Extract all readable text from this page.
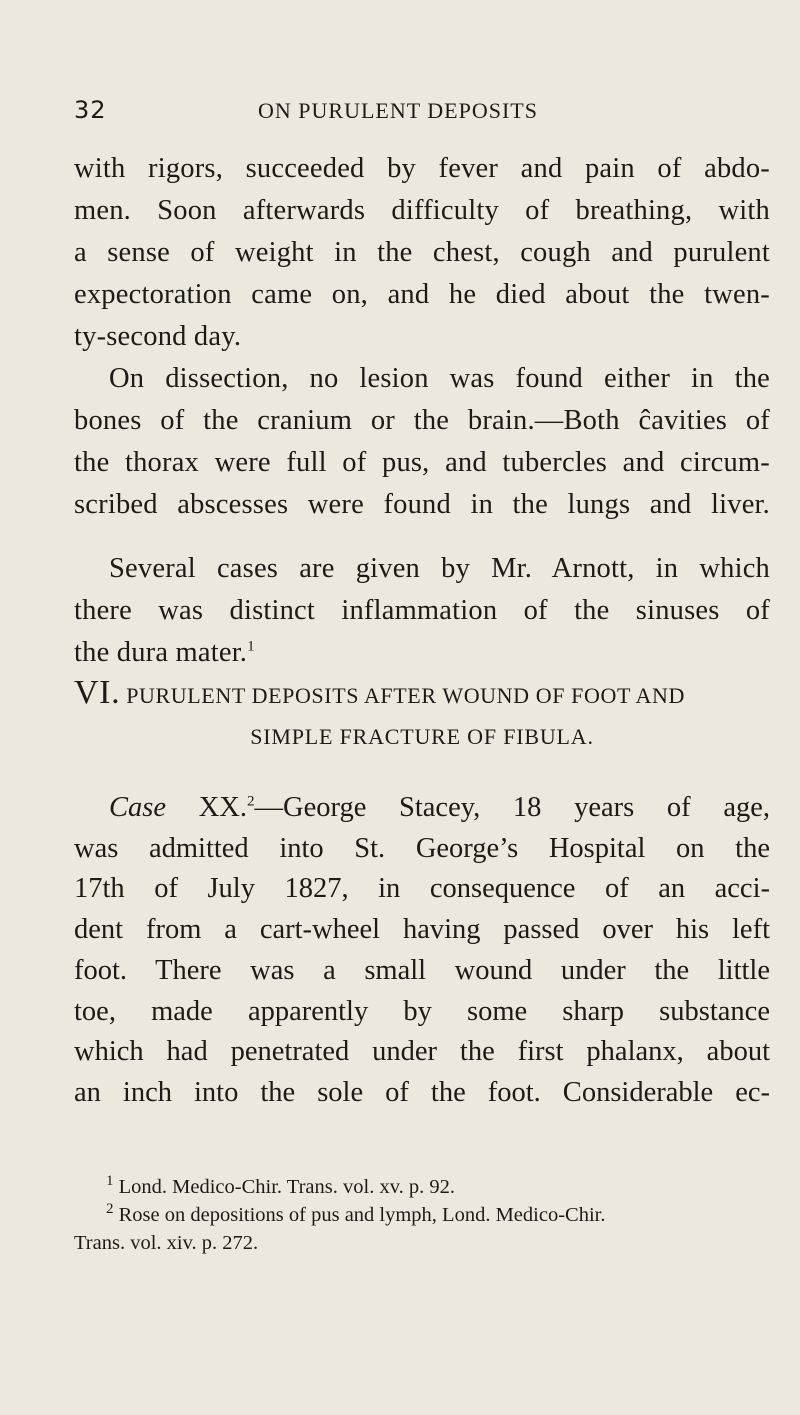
32	ON PURULENT DEPOSITS
with rigors, succeeded by fever and pain of abdo-
men. Soon afterwards difficulty of breathing, with
a sense of weight in the chest, cough and purulent
expectoration came on, and he died about the twen-
ty-second day.
On dissection, no lesion was found either in the
bones of the cranium or the brain.—Both ĉavities of
the thorax were full of pus, and tubercles and circum-
scribed abscesses were found in the lungs and liver.
Several cases are given by Mr. Arnott, in which
there was distinct inflammation of the sinuses of
the dura mater.$^1$
VI. PURULENT DEPOSITS AFTER WOUND OF FOOT AND
SIMPLE FRACTURE OF FIBULA.
Case XX.$^2$—George Stacey, 18 years of age,
was admitted into St. George’s Hospital on the
17th of July 1827, in consequence of an acci-
dent from a cart-wheel having passed over his left
foot. There was a small wound under the little
toe, made apparently by some sharp substance
which had penetrated under the first phalanx, about
an inch into the sole of the foot. Considerable ec-
$^1$ Lond. Medico-Chir. Trans. vol. xv. p. 92.
$^2$ Rose on depositions of pus and lymph, Lond. Medico-Chir.
Trans. vol. xiv. p. 272.
